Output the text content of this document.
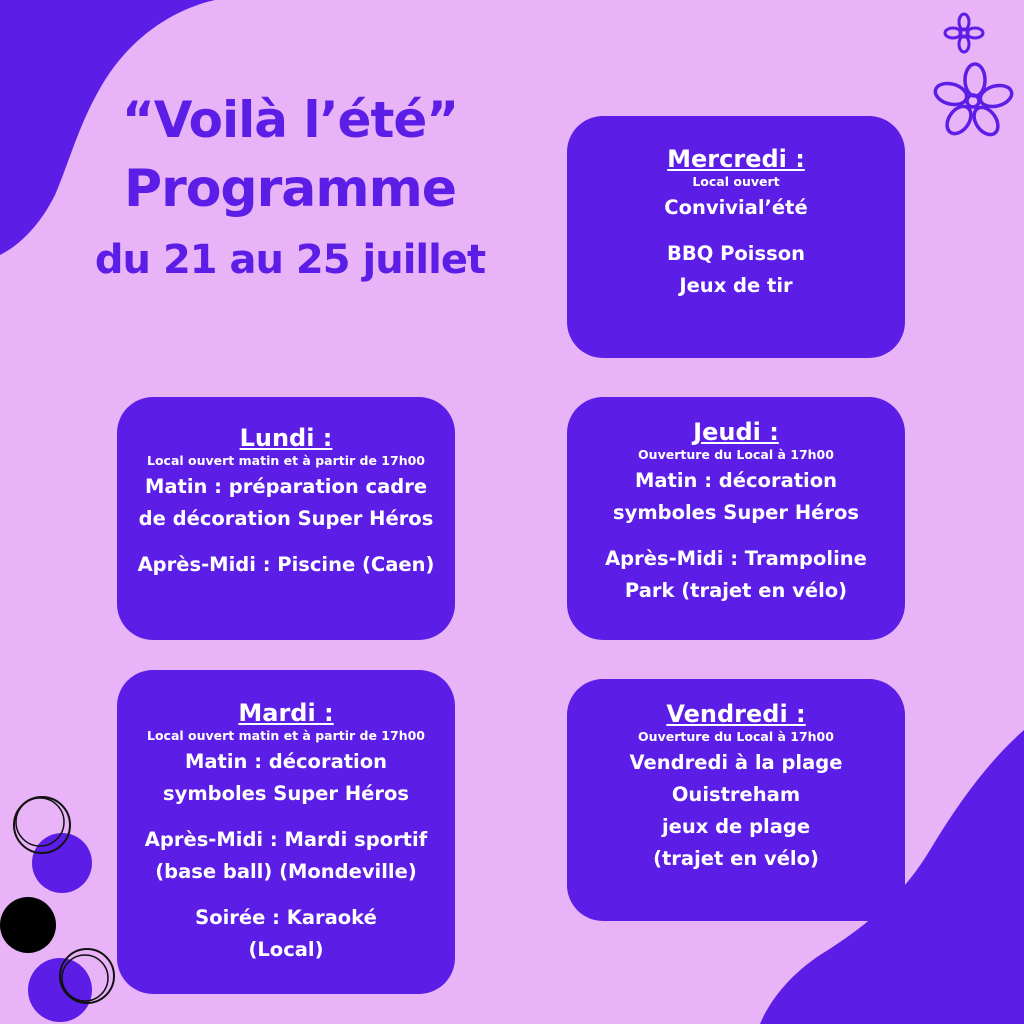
“Voilà l’été”
Programme
du 21 au 25 juillet
Mercredi :
Local ouvert
Convivial’été
BBQ Poisson
Jeux de tir
Lundi :
Local ouvert matin et à partir de 17h00
Matin : préparation cadre
de décoration Super Héros
Après-Midi : Piscine (Caen)
Jeudi :
Ouverture du Local à 17h00
Matin : décoration
symboles Super Héros
Après-Midi : Trampoline
Park (trajet en vélo)
Mardi :
Local ouvert matin et à partir de 17h00
Matin : décoration
symboles Super Héros
Après-Midi : Mardi sportif
(base ball) (Mondeville)
Soirée : Karaoké
(Local)
Vendredi :
Ouverture du Local à 17h00
Vendredi à la plage
Ouistreham
jeux de plage
(trajet en vélo)
